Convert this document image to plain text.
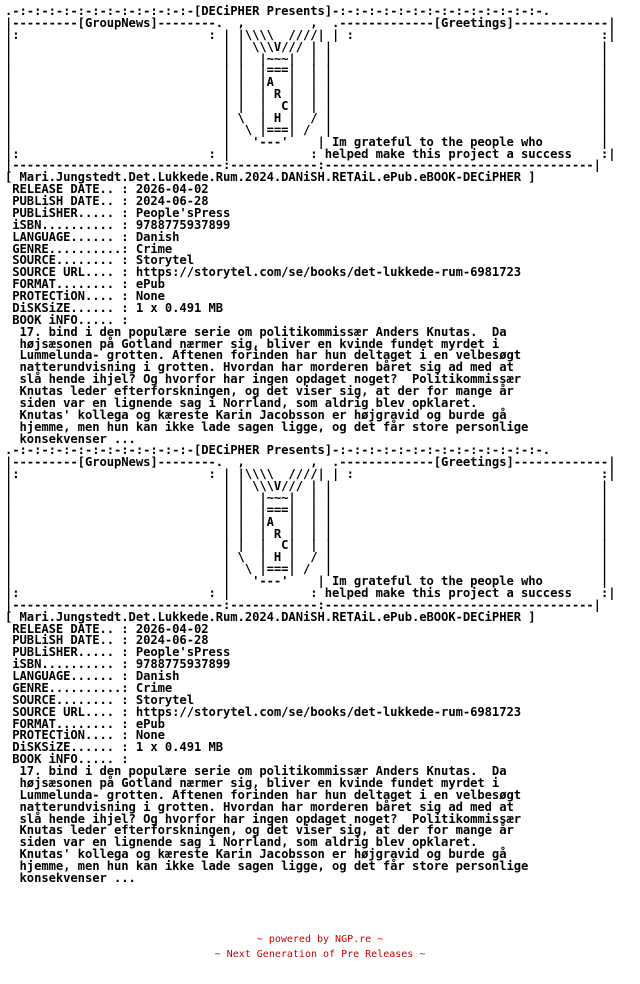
.-:-:-:-:-:-:-:-:-:-:-:-:-[DECiPHER Presents]-:-:-:-:-:-:-:-:-:-:-:-:-:-:-.
|---------[GroupNews]--------.  ,         ,  .-------------[Greetings]-------------|
|:                          : | |\\\\  ////| | :                                  :|
|                             | | \\\V/// | |                                     |
|                             | |  |~~~|  | |                                     |
|                             | |  |===|  | |                                     |
|                             | |  |A  |  | |                                     |
|                             | |  | R |  | |                                     |
|                             | |  |  C|  | |                                     |
|                             | \  | H |  / |                                     |
|                             |  \ |===| /  |                                     |
|                             |   '---'    | Im grateful to the people who        |
|:                          : |           : helped make this project a success    :|
|-----------------------------:------------:-------------------------------------|
[ Mari.Jungstedt.Det.Lukkede.Rum.2024.DANiSH.RETAiL.ePub.eBOOK-DECiPHER ]
RELEASE DATE.. : 2026-04-02
PUBLiSH DATE.. : 2024-06-28
PUBLiSHER..... : People'sPress
iSBN.......... : 9788775937899
LANGUAGE...... : Danish
GENRE..........: Crime
SOURCE........ : Storytel
SOURCE URL.... : https://storytel.com/se/books/det-lukkede-rum-6981723
FORMAT........ : ePub
PROTECTiON.... : None
DiSKSiZE...... : 1 x 0.491 MB
BOOK iNFO..... :
17. bind i den populære serie om politikommissær Anders Knutas.  Da
højsæsonen på Gotland nærmer sig, bliver en kvinde fundet myrdet i
Lummelunda- grotten. Aftenen forinden har hun deltaget i en velbesøgt
natterundvisning i grotten. Hvordan har morderen båret sig ad med at
slå hende ihjel? Og hvorfor har ingen opdaget noget?  Politikommissær
Knutas leder efterforskningen, og det viser sig, at der for mange år
siden var en lignende sag i Norrland, som aldrig blev opklaret.
Knutas' kollega og kæreste Karin Jacobsson er højgravid og burde gå
hjemme, men hun kan ikke lade sagen ligge, og det får store personlige
konsekvenser ...
.-:-:-:-:-:-:-:-:-:-:-:-:-[DECiPHER Presents]-:-:-:-:-:-:-:-:-:-:-:-:-:-:-.
|---------[GroupNews]--------.  ,         ,  .-------------[Greetings]-------------|
|:                          : | |\\\\  ////| | :                                  :|
|                             | | \\\V/// | |                                     |
|                             | |  |~~~|  | |                                     |
|                             | |  |===|  | |                                     |
|                             | |  |A  |  | |                                     |
|                             | |  | R |  | |                                     |
|                             | |  |  C|  | |                                     |
|                             | \  | H |  / |                                     |
|                             |  \ |===| /  |                                     |
|                             |   '---'    | Im grateful to the people who        |
|:                          : |           : helped make this project a success    :|
|-----------------------------:------------:-------------------------------------|
[ Mari.Jungstedt.Det.Lukkede.Rum.2024.DANiSH.RETAiL.ePub.eBOOK-DECiPHER ]
RELEASE DATE.. : 2026-04-02
PUBLiSH DATE.. : 2024-06-28
PUBLiSHER..... : People'sPress
iSBN.......... : 9788775937899
LANGUAGE...... : Danish
GENRE..........: Crime
SOURCE........ : Storytel
SOURCE URL.... : https://storytel.com/se/books/det-lukkede-rum-6981723
FORMAT........ : ePub
PROTECTiON.... : None
DiSKSiZE...... : 1 x 0.491 MB
BOOK iNFO..... :
17. bind i den populære serie om politikommissær Anders Knutas.  Da
højsæsonen på Gotland nærmer sig, bliver en kvinde fundet myrdet i
Lummelunda- grotten. Aftenen forinden har hun deltaget i en velbesøgt
natterundvisning i grotten. Hvordan har morderen båret sig ad med at
slå hende ihjel? Og hvorfor har ingen opdaget noget?  Politikommissær
Knutas leder efterforskningen, og det viser sig, at der for mange år
siden var en lignende sag i Norrland, som aldrig blev opklaret.
Knutas' kollega og kæreste Karin Jacobsson er højgravid og burde gå
hjemme, men hun kan ikke lade sagen ligge, og det får store personlige
konsekvenser ...
~ powered by NGP.re ~
~ Next Generation of Pre Releases ~
